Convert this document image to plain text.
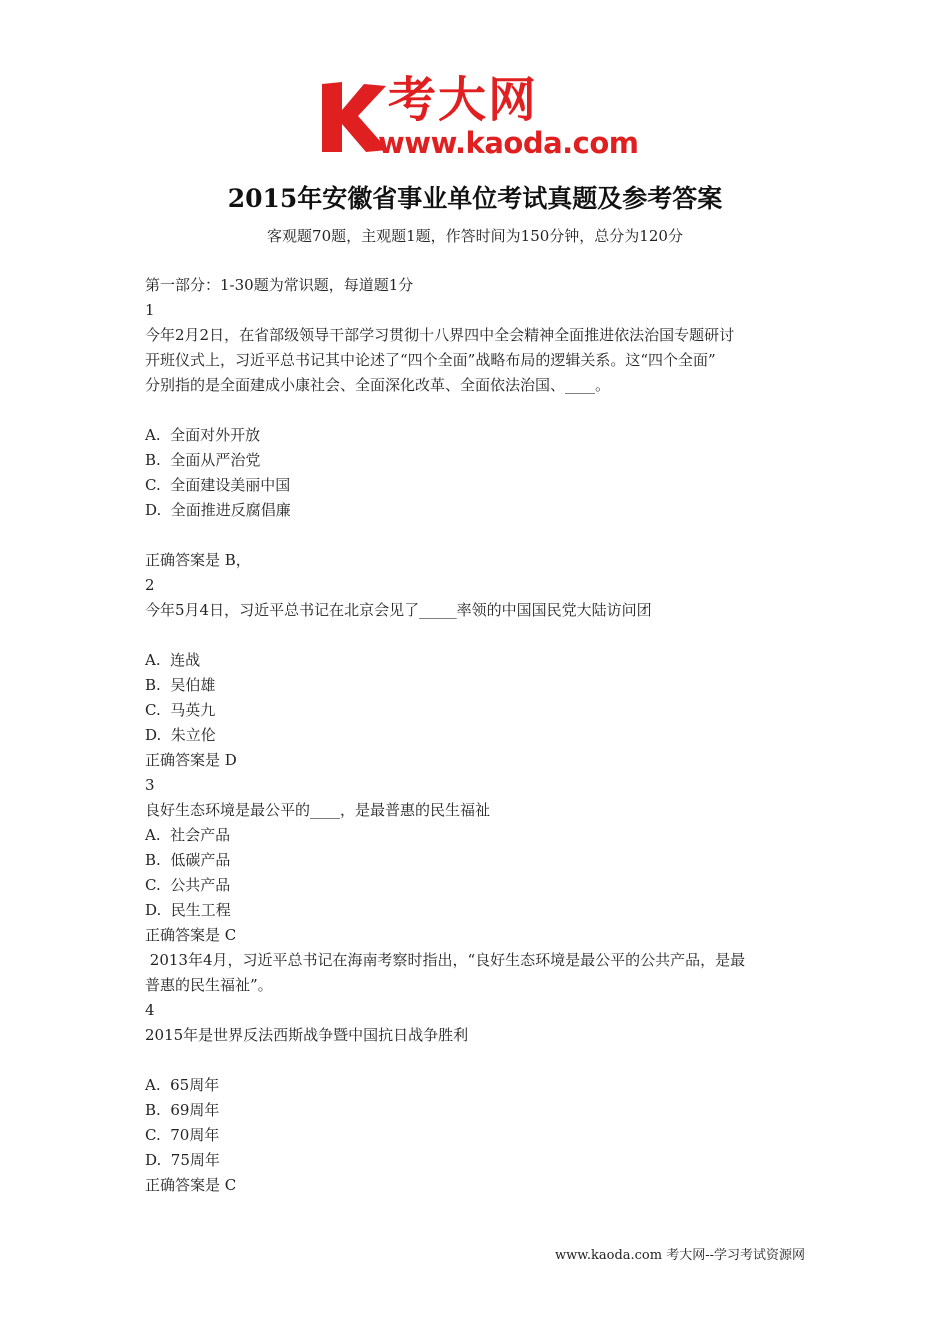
考大网
www.kaoda.com
2015年安徽省事业单位考试真题及参考答案
客观题70题，主观题1题，作答时间为150分钟，总分为120分
第一部分：1-30题为常识题，每道题1分
1
今年2月2日，在省部级领导干部学习贯彻十八界四中全会精神全面推进依法治国专题研讨
开班仪式上，习近平总书记其中论述了“四个全面”战略布局的逻辑关系。这“四个全面”
分别指的是全面建成小康社会、全面深化改革、全面依法治国、____。
A.  全面对外开放
B.  全面从严治党
C.  全面建设美丽中国
D.  全面推进反腐倡廉
正确答案是 B，
2
今年5月4日，习近平总书记在北京会见了_____率领的中国国民党大陆访问团
A.  连战
B.  吴伯雄
C.  马英九
D.  朱立伦
正确答案是 D
3
良好生态环境是最公平的____，是最普惠的民生福祉
A.  社会产品
B.  低碳产品
C.  公共产品
D.  民生工程
正确答案是 C
2013年4月，习近平总书记在海南考察时指出，“良好生态环境是最公平的公共产品，是最
普惠的民生福祉”。
4
2015年是世界反法西斯战争暨中国抗日战争胜利
A.  65周年
B.  69周年
C.  70周年
D.  75周年
正确答案是 C
www.kaoda.com 考大网--学习考试资源网
